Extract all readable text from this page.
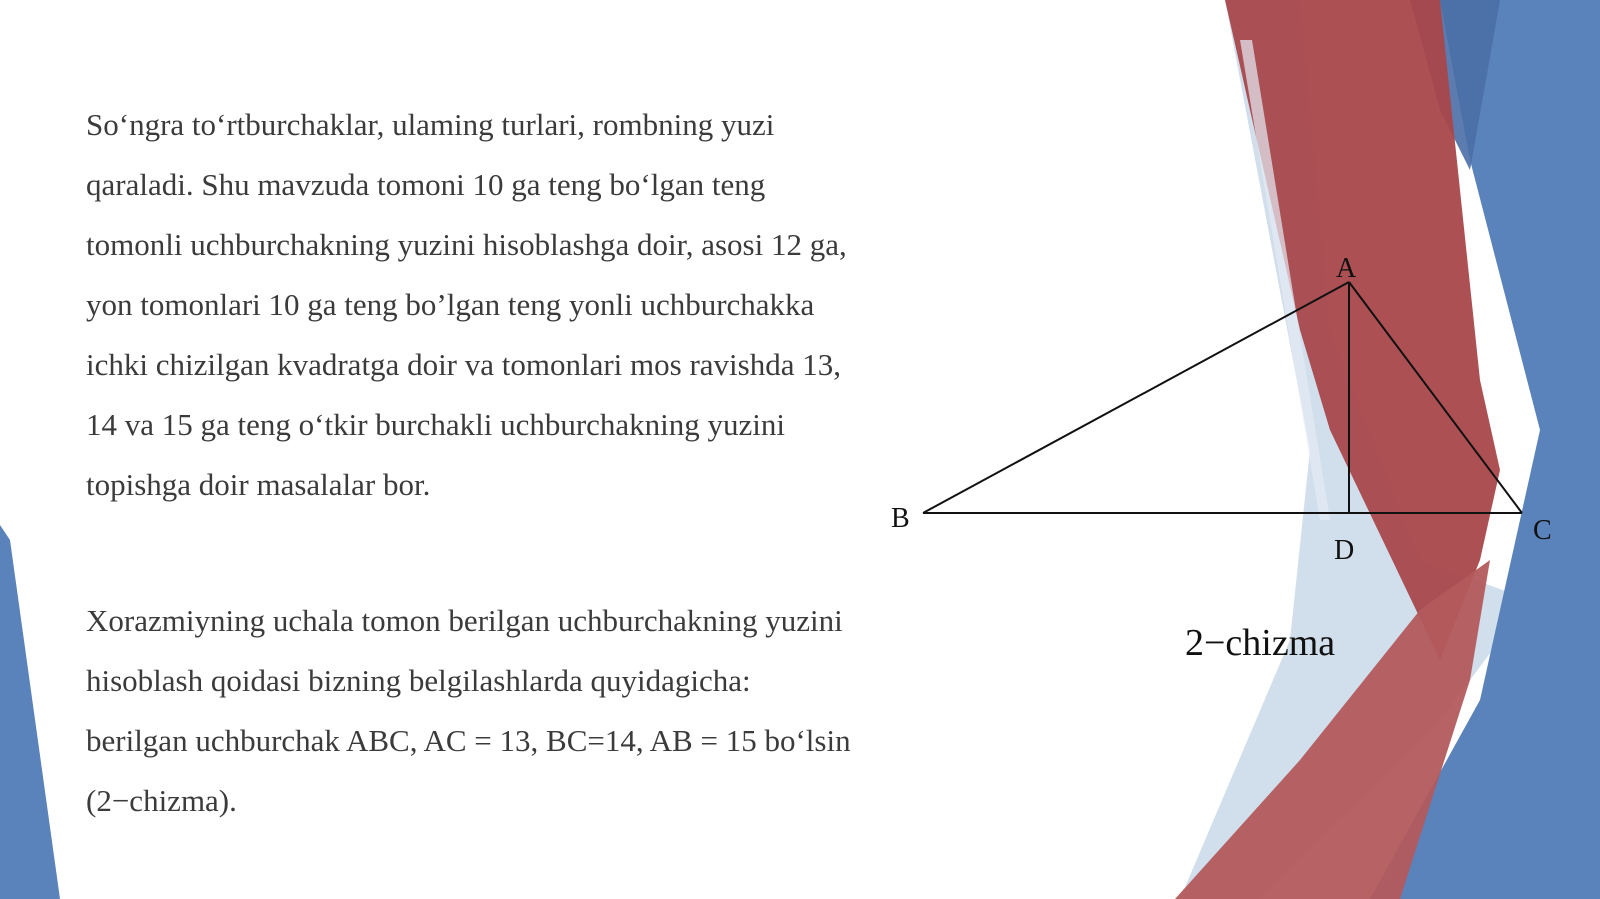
So‘ngra to‘rtburchaklar, ulaming turlari, rombning yuzi qaraladi. Shu mavzuda tomoni 10 ga teng bo‘lgan teng tomonli uchburchakning yuzini hisoblashga doir, asosi 12 ga, yon tomonlari 10 ga teng bo’lgan teng yonli uchburchakka ichki chizilgan kvadratga doir va tomonlari mos ravishda 13, 14 va 15 ga teng o‘tkir burchakli uchburchakning yuzini topishga doir masalalar bor.

Xorazmiyning uchala tomon berilgan uchburchakning yuzini hisoblash qoidasi bizning belgilashlarda quyidagicha: berilgan uchburchak ABC, AC = 13, BC=14, AB = 15 bo‘lsin (2−chizma).

A
B	C
D
2−chizma
